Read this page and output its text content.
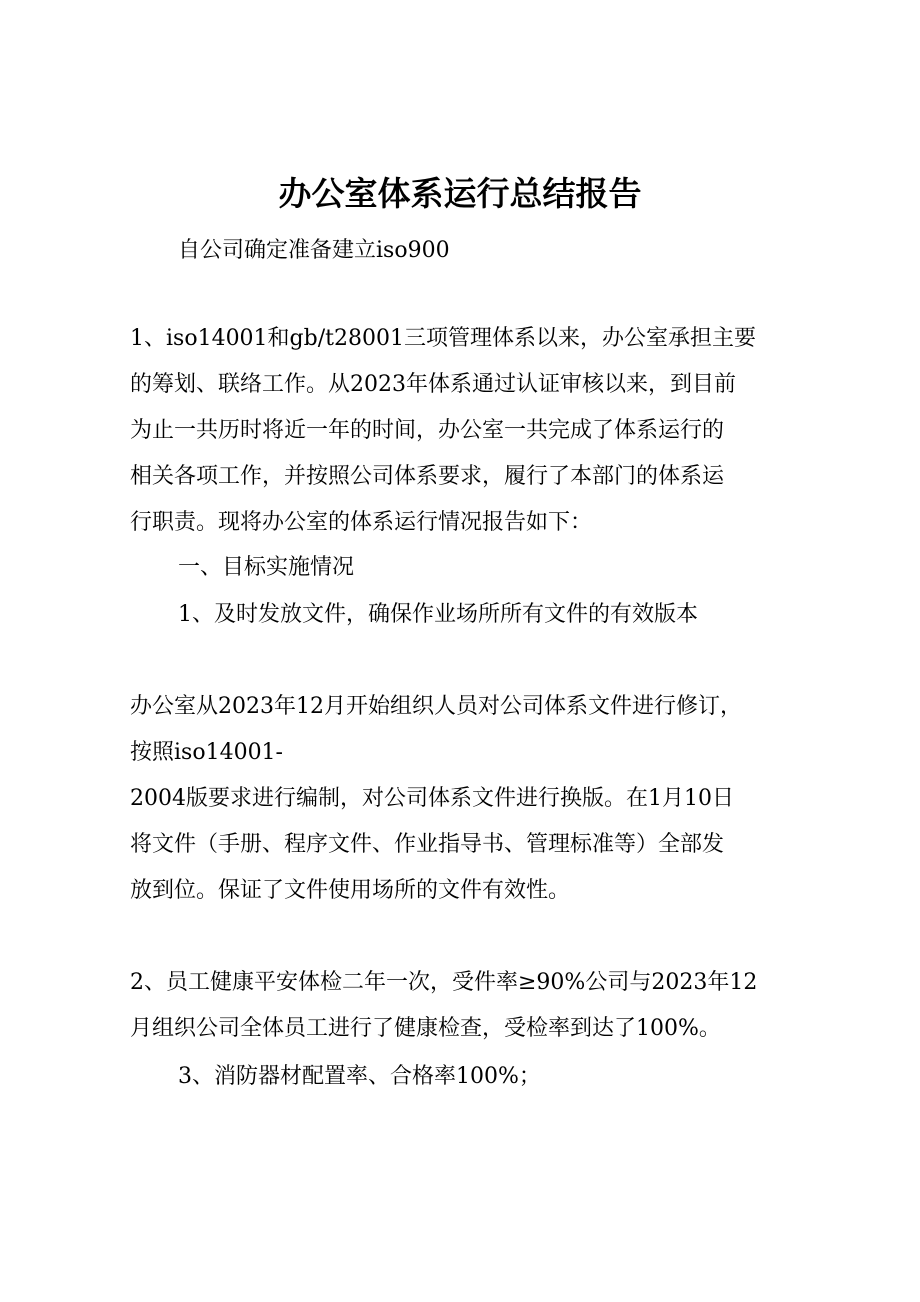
办公室体系运行总结报告
自公司确定准备建立iso900
1、iso14001和gb/t28001三项管理体系以来，办公室承担主要
的筹划、联络工作。从2023年体系通过认证审核以来，到目前
为止一共历时将近一年的时间，办公室一共完成了体系运行的
相关各项工作，并按照公司体系要求，履行了本部门的体系运
行职责。现将办公室的体系运行情况报告如下：
一、目标实施情况
1、及时发放文件，确保作业场所所有文件的有效版本
办公室从2023年12月开始组织人员对公司体系文件进行修订，
按照iso14001-
2004版要求进行编制，对公司体系文件进行换版。在1月10日
将文件（手册、程序文件、作业指导书、管理标准等）全部发
放到位。保证了文件使用场所的文件有效性。
2、员工健康平安体检二年一次，受件率≥90%公司与2023年12
月组织公司全体员工进行了健康检查，受检率到达了100%。
3、消防器材配置率、合格率100%；
